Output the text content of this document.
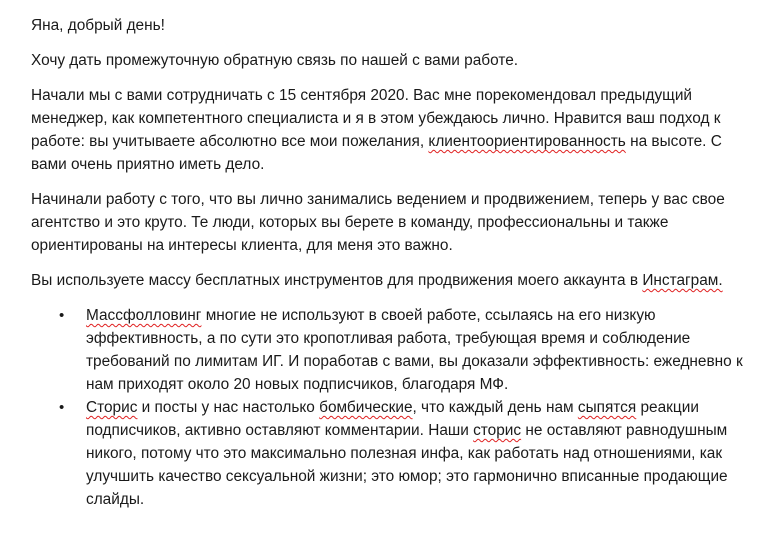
Яна, добрый день!

Хочу дать промежуточную обратную связь по нашей с вами работе.

Начали мы с вами сотрудничать с 15 сентября 2020. Вас мне порекомендовал предыдущий менеджер, как компетентного специалиста и я в этом убеждаюсь лично. Нравится ваш подход к работе: вы учитываете абсолютно все мои пожелания, клиентоориентированность на высоте. С вами очень приятно иметь дело.

Начинали работу с того, что вы лично занимались ведением и продвижением, теперь у вас свое агентство и это круто. Те люди, которых вы берете в команду, профессиональны и также ориентированы на интересы клиента, для меня это важно.

Вы используете массу бесплатных инструментов для продвижения моего аккаунта в Инстаграм.

• Массфолловинг многие не используют в своей работе, ссылаясь на его низкую эффективность, а по сути это кропотливая работа, требующая время и соблюдение требований по лимитам ИГ. И поработав с вами, вы доказали эффективность: ежедневно к нам приходят около 20 новых подписчиков, благодаря МФ.
• Сторис и посты у нас настолько бомбические, что каждый день нам сыпятся реакции подписчиков, активно оставляют комментарии. Наши сторис не оставляют равнодушным никого, потому что это максимально полезная инфа, как работать над отношениями, как улучшить качество сексуальной жизни; это юмор; это гармонично вписанные продающие слайды.
